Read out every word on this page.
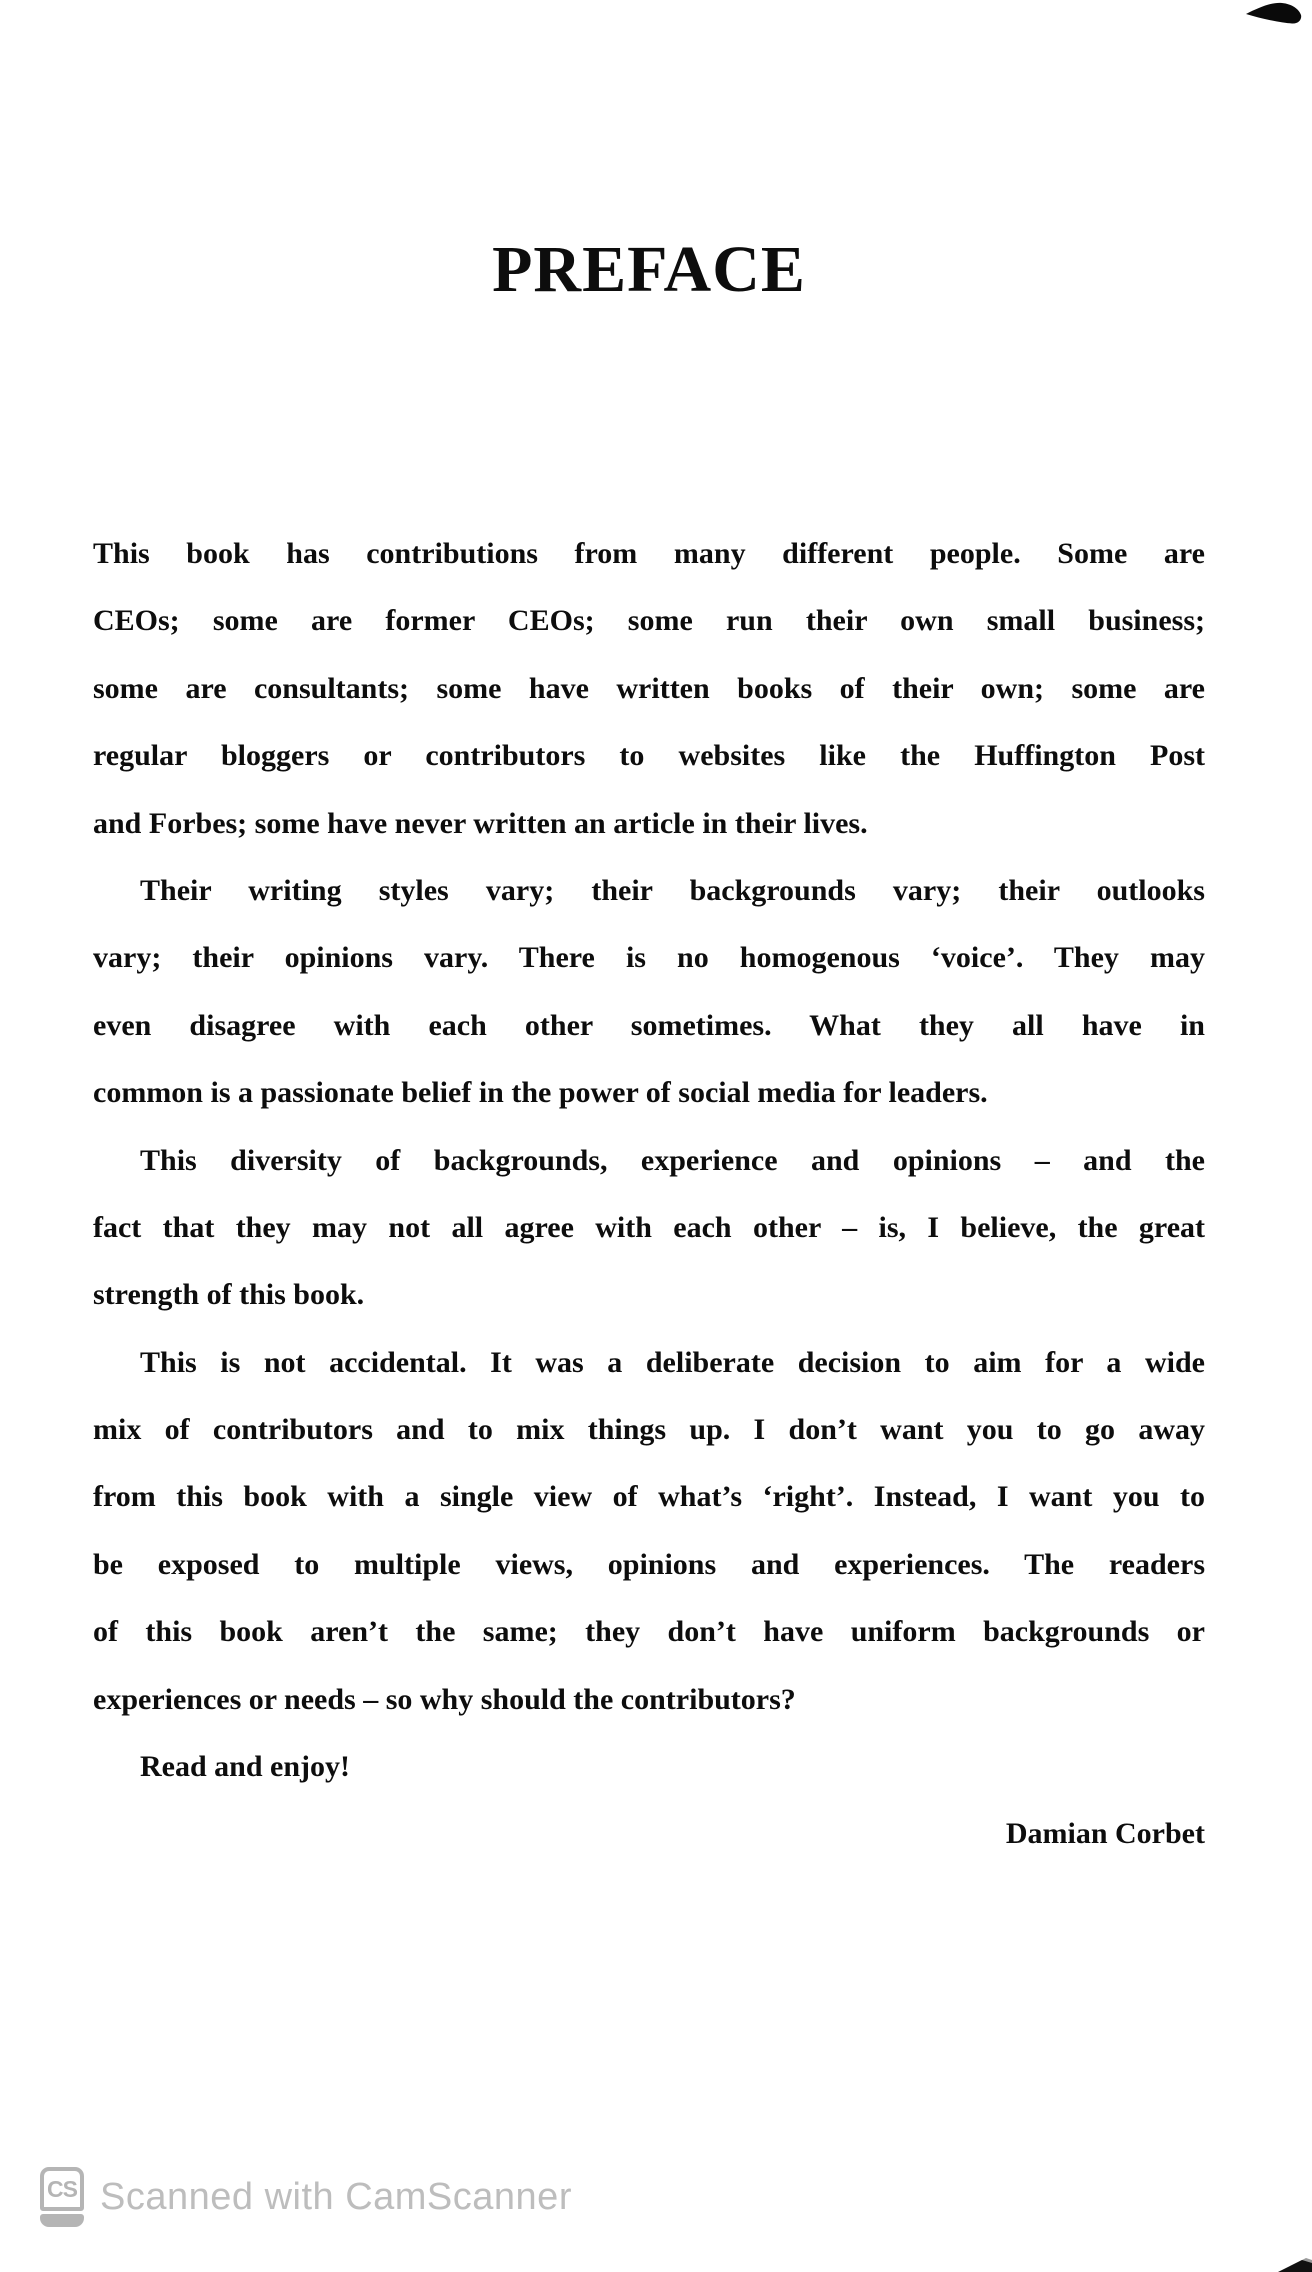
PREFACE
This book has contributions from many different people. Some are
CEOs; some are former CEOs; some run their own small business;
some are consultants; some have written books of their own; some are
regular bloggers or contributors to websites like the Huffington Post
and Forbes; some have never written an article in their lives.
Their writing styles vary; their backgrounds vary; their outlooks
vary; their opinions vary. There is no homogenous ‘voice’. They may
even disagree with each other sometimes. What they all have in
common is a passionate belief in the power of social media for leaders.
This diversity of backgrounds, experience and opinions – and the
fact that they may not all agree with each other – is, I believe, the great
strength of this book.
This is not accidental. It was a deliberate decision to aim for a wide
mix of contributors and to mix things up. I don’t want you to go away
from this book with a single view of what’s ‘right’. Instead, I want you to
be exposed to multiple views, opinions and experiences. The readers
of this book aren’t the same; they don’t have uniform backgrounds or
experiences or needs – so why should the contributors?
Read and enjoy!
Damian Corbet
CS Scanned with CamScanner
